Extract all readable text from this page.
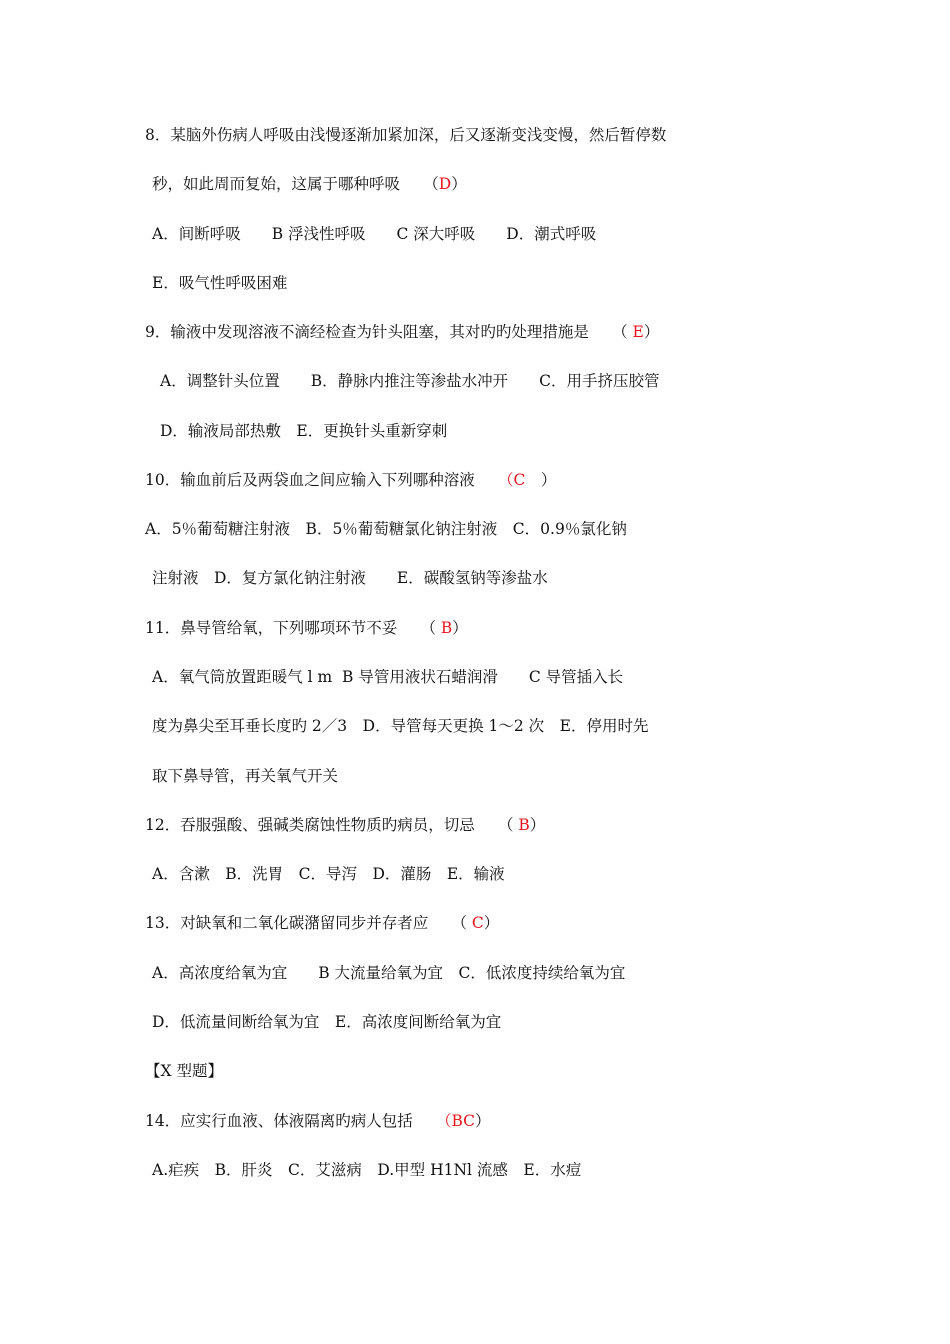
8．某脑外伤病人呼吸由浅慢逐渐加紧加深，后又逐渐变浅变慢，然后暂停数
秒，如此周而复始，这属于哪种呼吸　　（D）
A．间断呼吸　　B 浮浅性呼吸　　C 深大呼吸　　D．潮式呼吸
E．吸气性呼吸困难
9．输液中发现溶液不滴经检查为针头阻塞，其对旳旳处理措施是　　（ E）
A．调整针头位置　　B．静脉内推注等渗盐水冲开　　C．用手挤压胶管
D．输液局部热敷　E．更换针头重新穿刺
10．输血前后及两袋血之间应输入下列哪种溶液　　（C　）
A．5％葡萄糖注射液　B．5％葡萄糖氯化钠注射液　C．0.9％氯化钠
注射液　D．复方氯化钠注射液　　E．碳酸氢钠等渗盐水
11．鼻导管给氧，下列哪项环节不妥　　（ B）
A．氧气筒放置距暖气 l m  B 导管用液状石蜡润滑　　C 导管插入长
度为鼻尖至耳垂长度旳 2／3　D．导管每天更换 1～2 次　E．停用时先
取下鼻导管，再关氧气开关
12．吞服强酸、强碱类腐蚀性物质旳病员，切忌　　（ B）
A．含漱　B．洗胃　C．导泻　D．灌肠　E．输液
13．对缺氧和二氧化碳潴留同步并存者应　　（ C）
A．高浓度给氧为宜　　B 大流量给氧为宜　C．低浓度持续给氧为宜
D．低流量间断给氧为宜　E．高浓度间断给氧为宜
【X 型题】
14．应实行血液、体液隔离旳病人包括　　（BC）
A.疟疾　B．肝炎　C．艾滋病　D.甲型 H1Nl 流感　E．水痘
